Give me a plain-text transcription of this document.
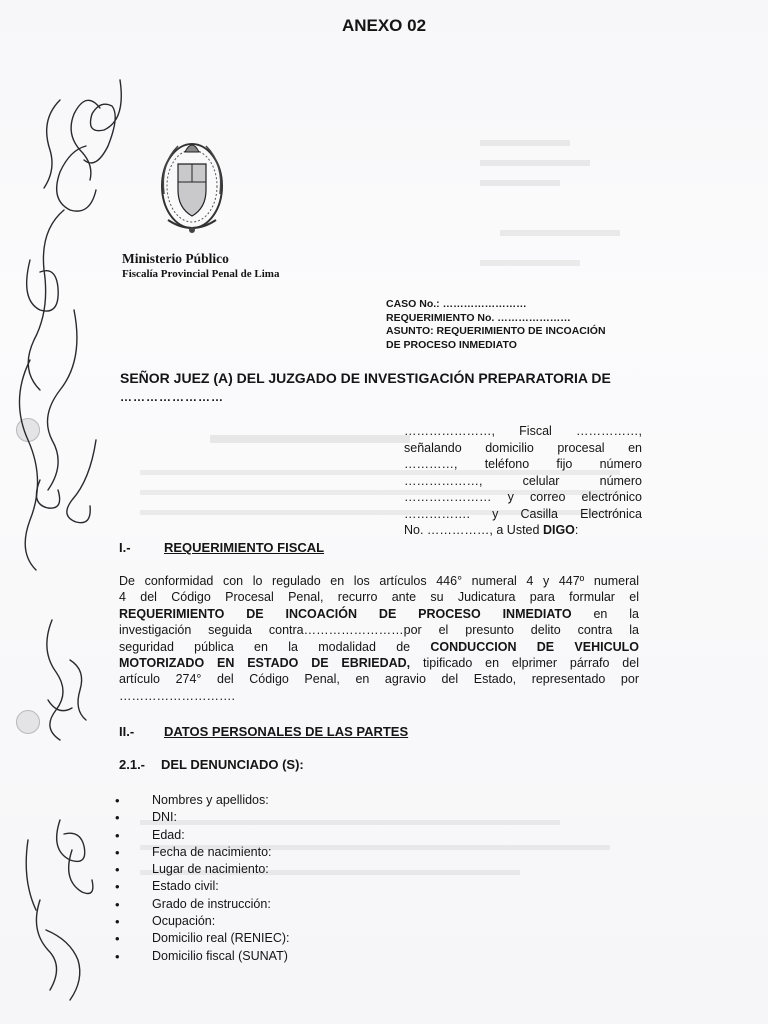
ANEXO 02
Ministerio Público
Fiscalía Provincial Penal de Lima
CASO No.: ……………………
REQUERIMIENTO No. …………………
ASUNTO: REQUERIMIENTO DE INCOACIÓN
DE PROCESO INMEDIATO
SEÑOR JUEZ (A) DEL JUZGADO DE INVESTIGACIÓN PREPARATORIA DE
……………………
…………………, Fiscal ……………,
señalando domicilio procesal en
…………, teléfono fijo número
………………, celular número
………………… y correo electrónico
……………. y Casilla Electrónica
No. ……………, a Usted DIGO:
I.-	REQUERIMIENTO FISCAL
De conformidad con lo regulado en los artículos 446° numeral 4 y 447º numeral
4 del Código Procesal Penal, recurro ante su Judicatura para formular el
REQUERIMIENTO DE INCOACIÓN DE PROCESO INMEDIATO en la
investigación seguida contra……………………por el presunto delito contra la
seguridad pública en la modalidad de CONDUCCION DE VEHICULO
MOTORIZADO EN ESTADO DE EBRIEDAD, tipificado en elprimer párrafo del
artículo 274° del Código Penal, en agravio del Estado, representado por
……………………….
II.- DATOS PERSONALES DE LAS PARTES
2.1.- DEL DENUNCIADO (S):
•	Nombres y apellidos:
•	DNI:
•	Edad:
•	Fecha de nacimiento:
•	Lugar de nacimiento:
•	Estado civil:
•	Grado de instrucción:
•	Ocupación:
•	Domicilio real (RENIEC):
•	Domicilio fiscal (SUNAT)
